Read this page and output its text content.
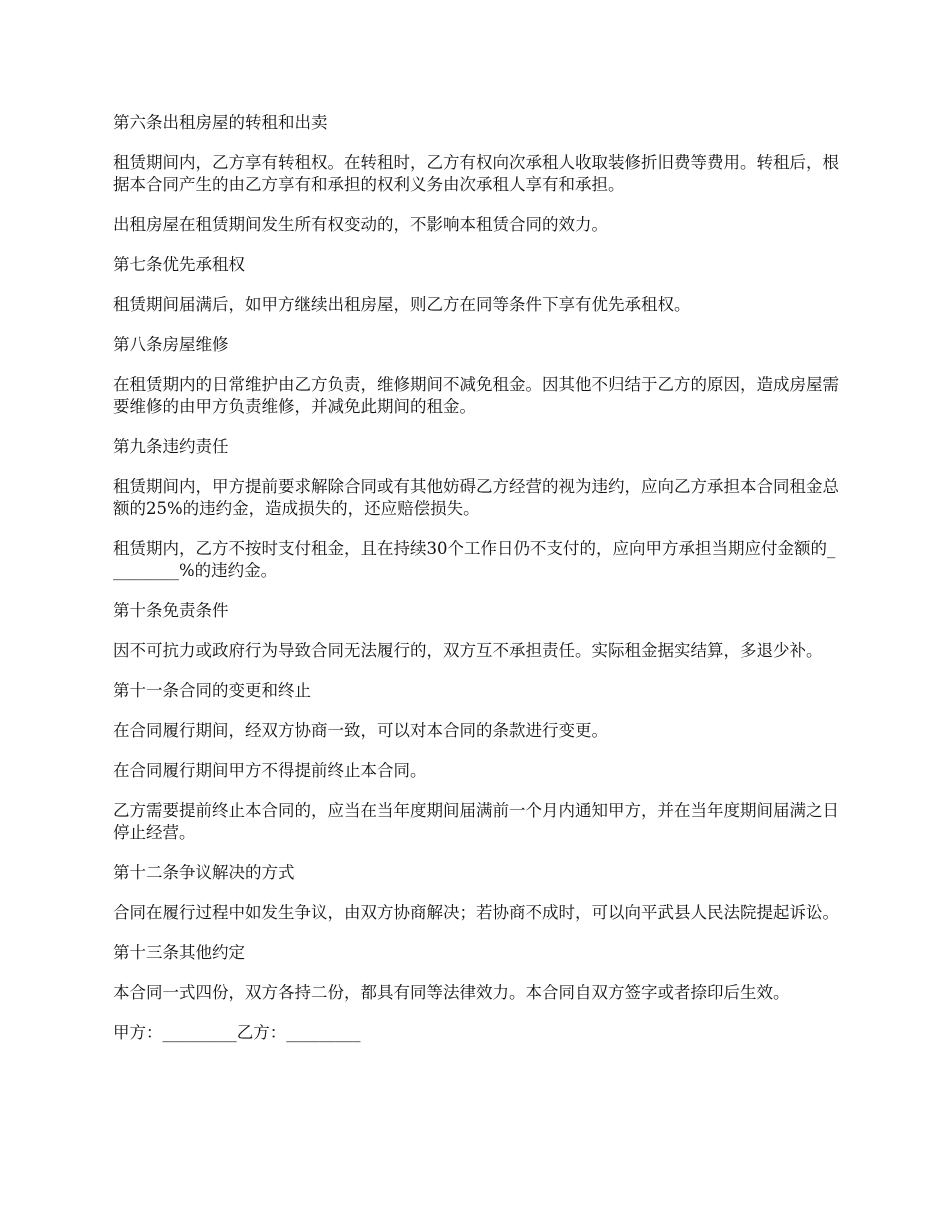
第六条出租房屋的转租和出卖

租赁期间内，乙方享有转租权。在转租时，乙方有权向次承租人收取装修折旧费等费用。转租后，根据本合同产生的由乙方享有和承担的权利义务由次承租人享有和承担。

出租房屋在租赁期间发生所有权变动的，不影响本租赁合同的效力。

第七条优先承租权

租赁期间届满后，如甲方继续出租房屋，则乙方在同等条件下享有优先承租权。

第八条房屋维修

在租赁期内的日常维护由乙方负责，维修期间不减免租金。因其他不归结于乙方的原因，造成房屋需要维修的由甲方负责维修，并减免此期间的租金。

第九条违约责任

租赁期间内，甲方提前要求解除合同或有其他妨碍乙方经营的视为违约，应向乙方承担本合同租金总额的25%的违约金，造成损失的，还应赔偿损失。

租赁期内，乙方不按时支付租金，且在持续30个工作日仍不支付的，应向甲方承担当期应付金额的_________%的违约金。

第十条免责条件

因不可抗力或政府行为导致合同无法履行的，双方互不承担责任。实际租金据实结算，多退少补。

第十一条合同的变更和终止

在合同履行期间，经双方协商一致，可以对本合同的条款进行变更。

在合同履行期间甲方不得提前终止本合同。

乙方需要提前终止本合同的，应当在当年度期间届满前一个月内通知甲方，并在当年度期间届满之日停止经营。

第十二条争议解决的方式

合同在履行过程中如发生争议，由双方协商解决；若协商不成时，可以向平武县人民法院提起诉讼。

第十三条其他约定

本合同一式四份，双方各持二份，都具有同等法律效力。本合同自双方签字或者捺印后生效。

甲方：_________乙方：_________
